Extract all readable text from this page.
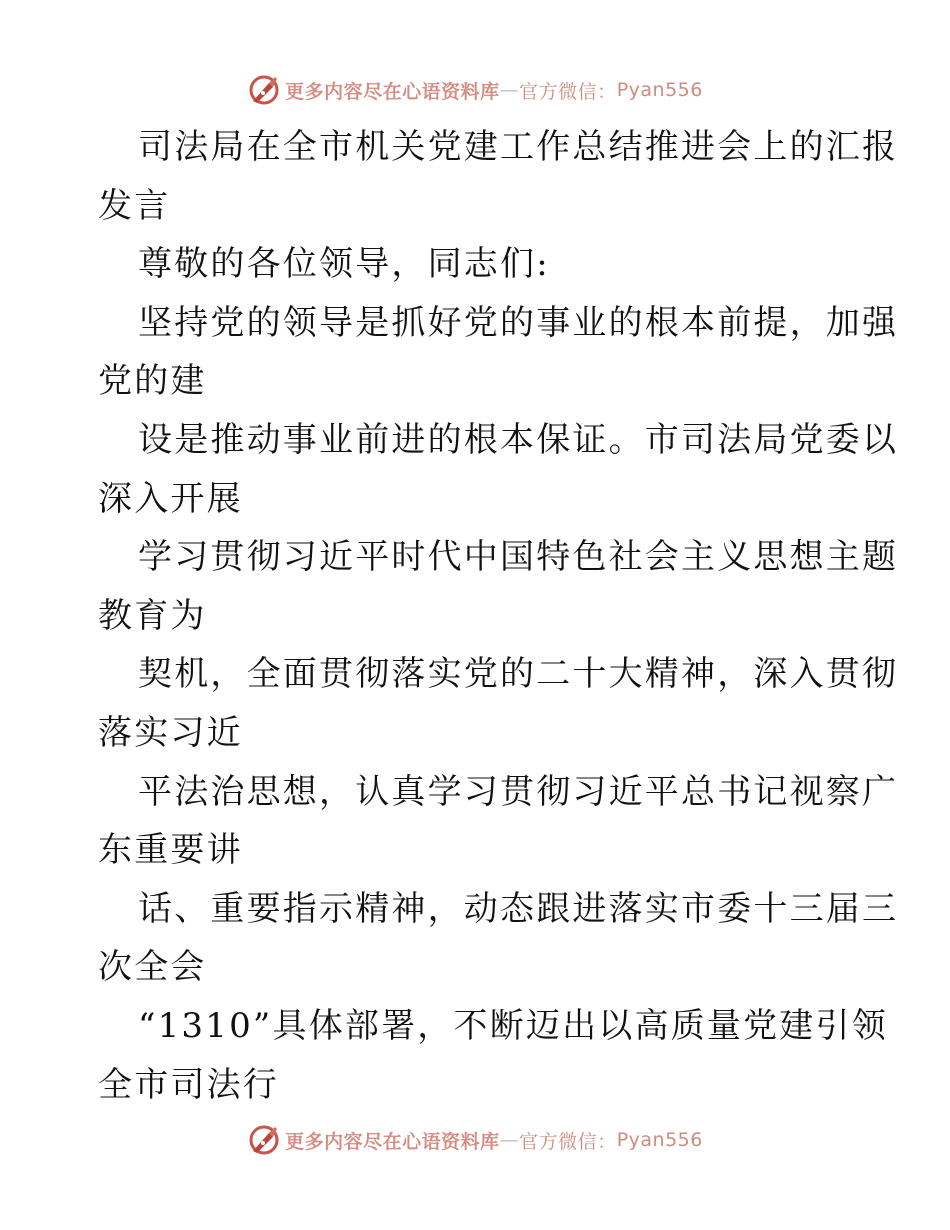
更多内容尽在心语资料库 — 官方微信： Pyan556
司法局在全市机关党建工作总结推进会上的汇报
发言
尊敬的各位领导，同志们:
坚持党的领导是抓好党的事业的根本前提，加强
党的建
设是推动事业前进的根本保证。市司法局党委以
深入开展
学习贯彻习近平时代中国特色社会主义思想主题
教育为
契机，全面贯彻落实党的二十大精神，深入贯彻
落实习近
平法治思想，认真学习贯彻习近平总书记视察广
东重要讲
话、重要指示精神，动态跟进落实市委十三届三
次全会
“1310”具体部署，不断迈出以高质量党建引领
全市司法行
更多内容尽在心语资料库 — 官方微信： Pyan556
